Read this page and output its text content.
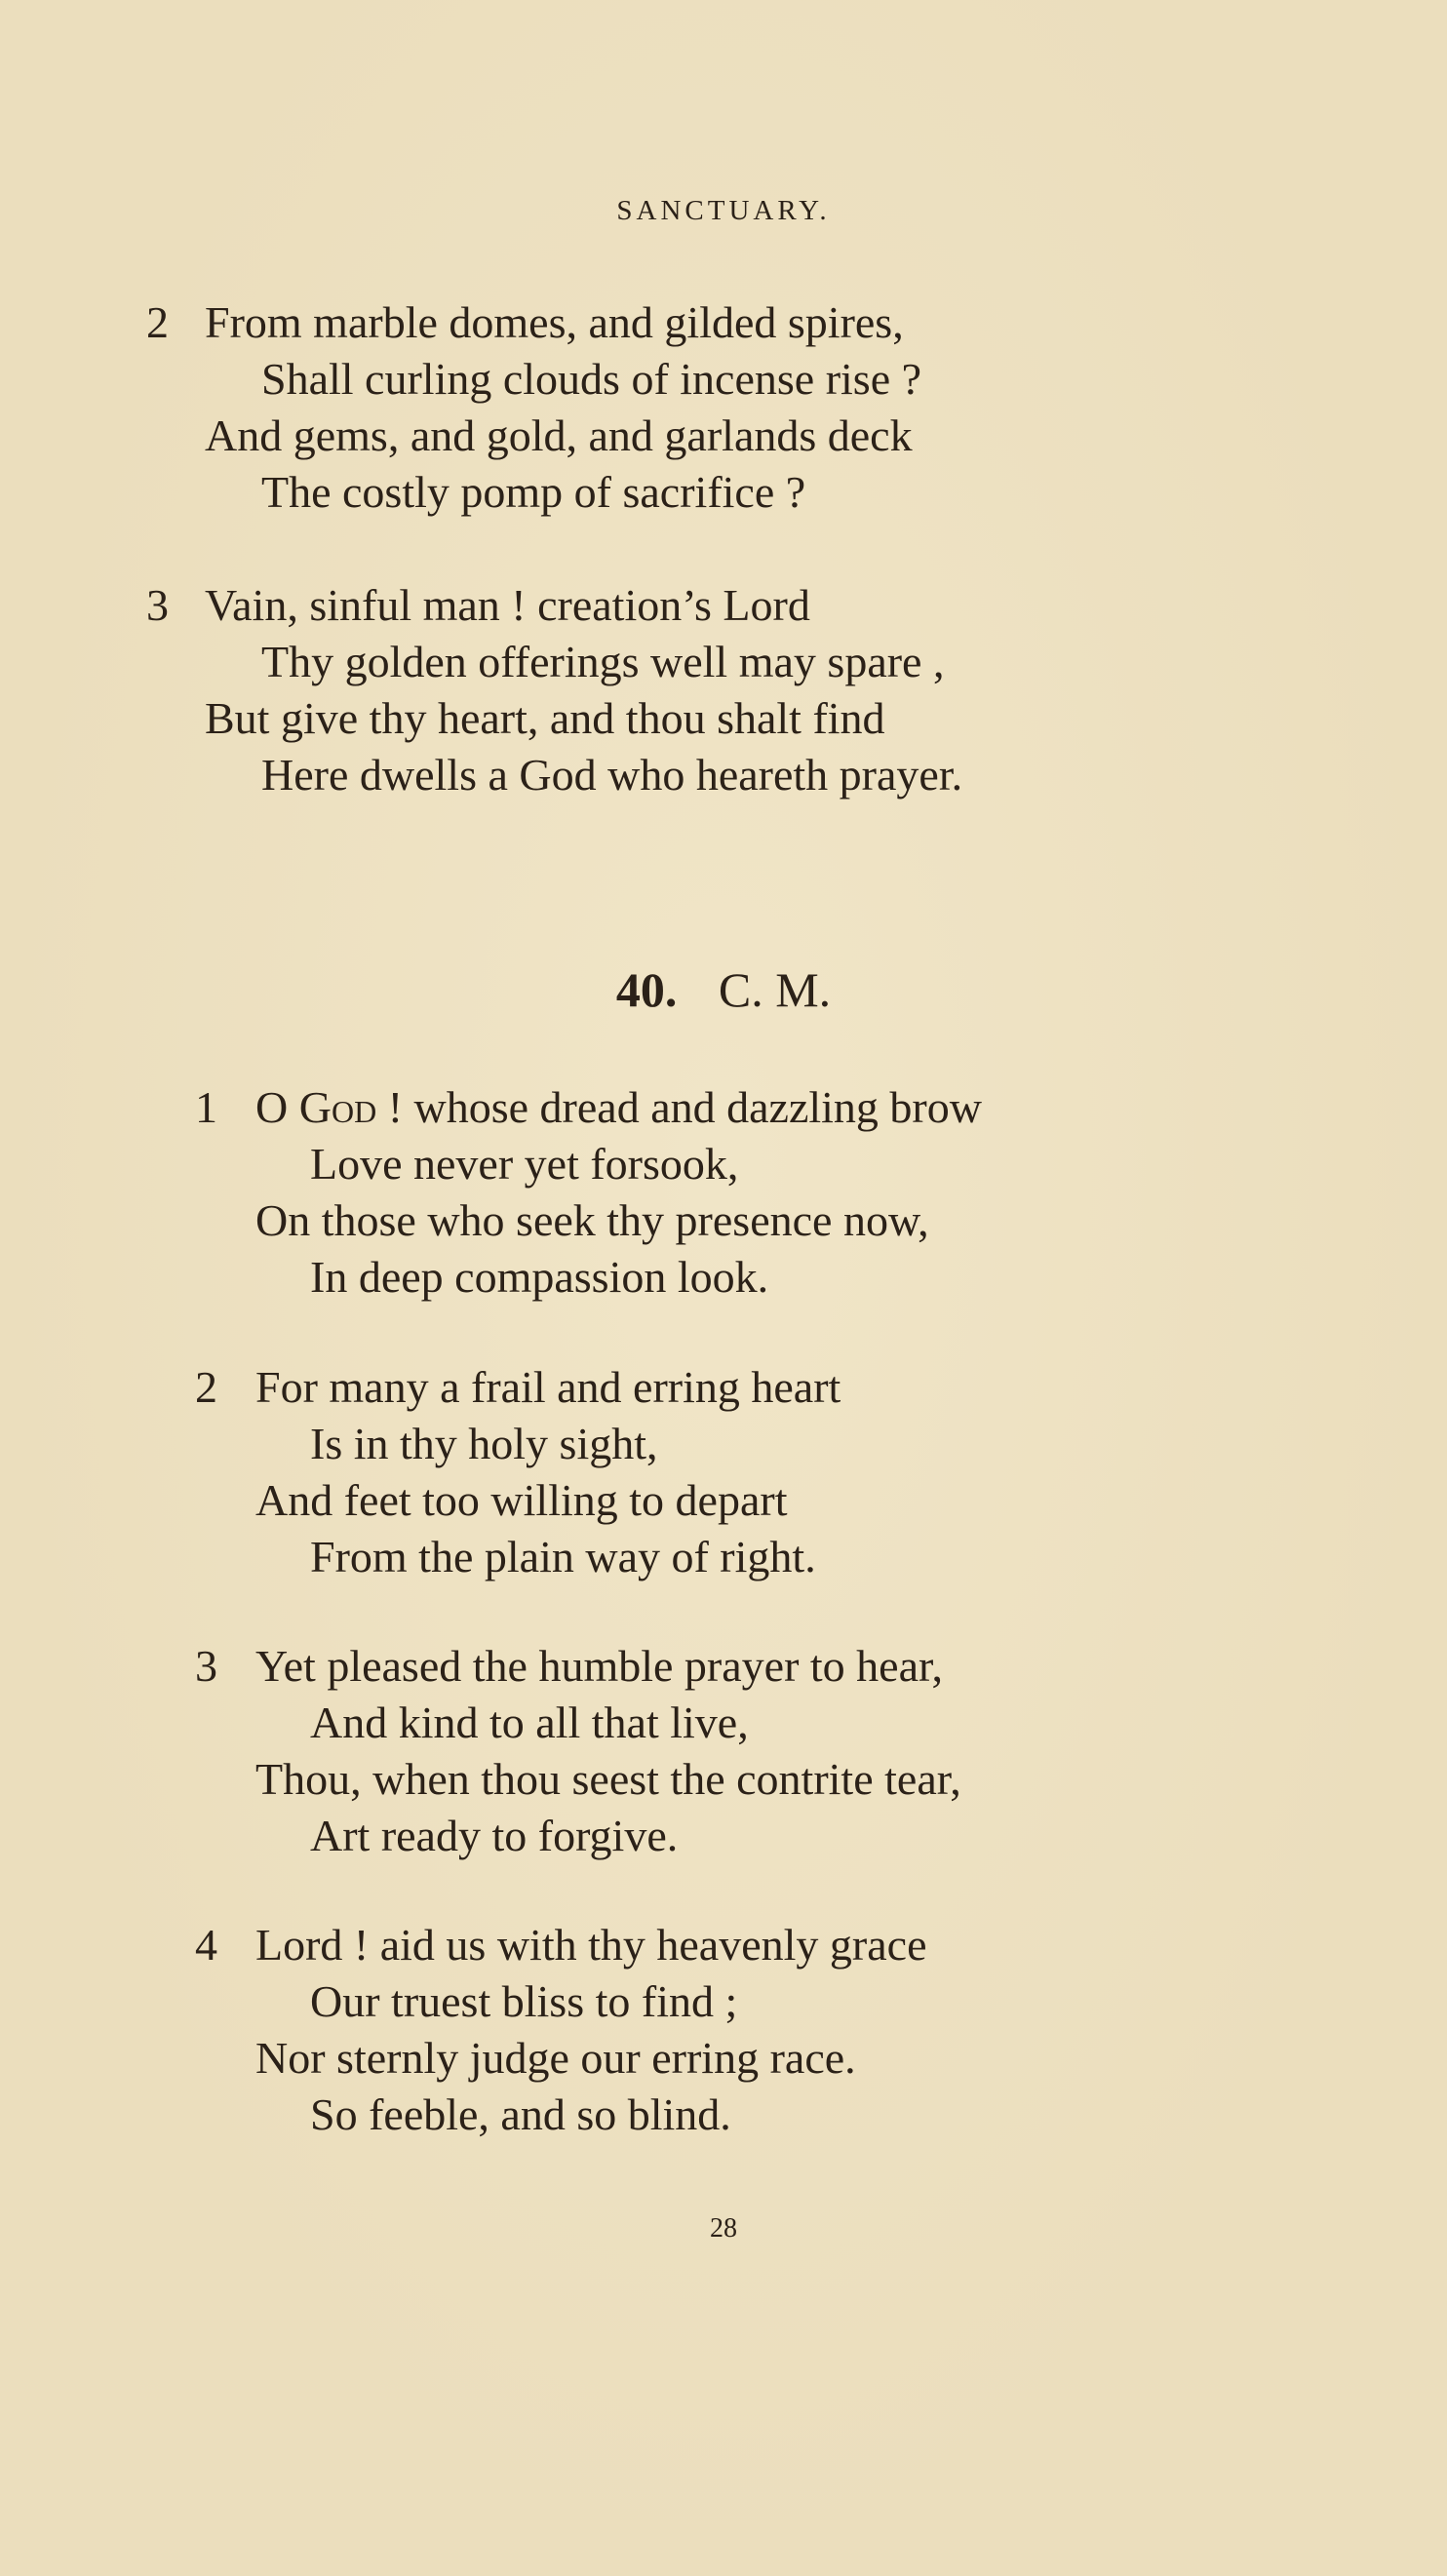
SANCTUARY.
2 From marble domes, and gilded spires,
Shall curling clouds of incense rise ?
And gems, and gold, and garlands deck
The costly pomp of sacrifice ?
3 Vain, sinful man ! creation’s Lord
Thy golden offerings well may spare ,
But give thy heart, and thou shalt find
Here dwells a God who heareth prayer.
40. C. M.
1 O God ! whose dread and dazzling brow
Love never yet forsook,
On those who seek thy presence now,
In deep compassion look.
2 For many a frail and erring heart
Is in thy holy sight,
And feet too willing to depart
From the plain way of right.
3 Yet pleased the humble prayer to hear,
And kind to all that live,
Thou, when thou seest the contrite tear,
Art ready to forgive.
4 Lord ! aid us with thy heavenly grace
Our truest bliss to find ;
Nor sternly judge our erring race.
So feeble, and so blind.
28
